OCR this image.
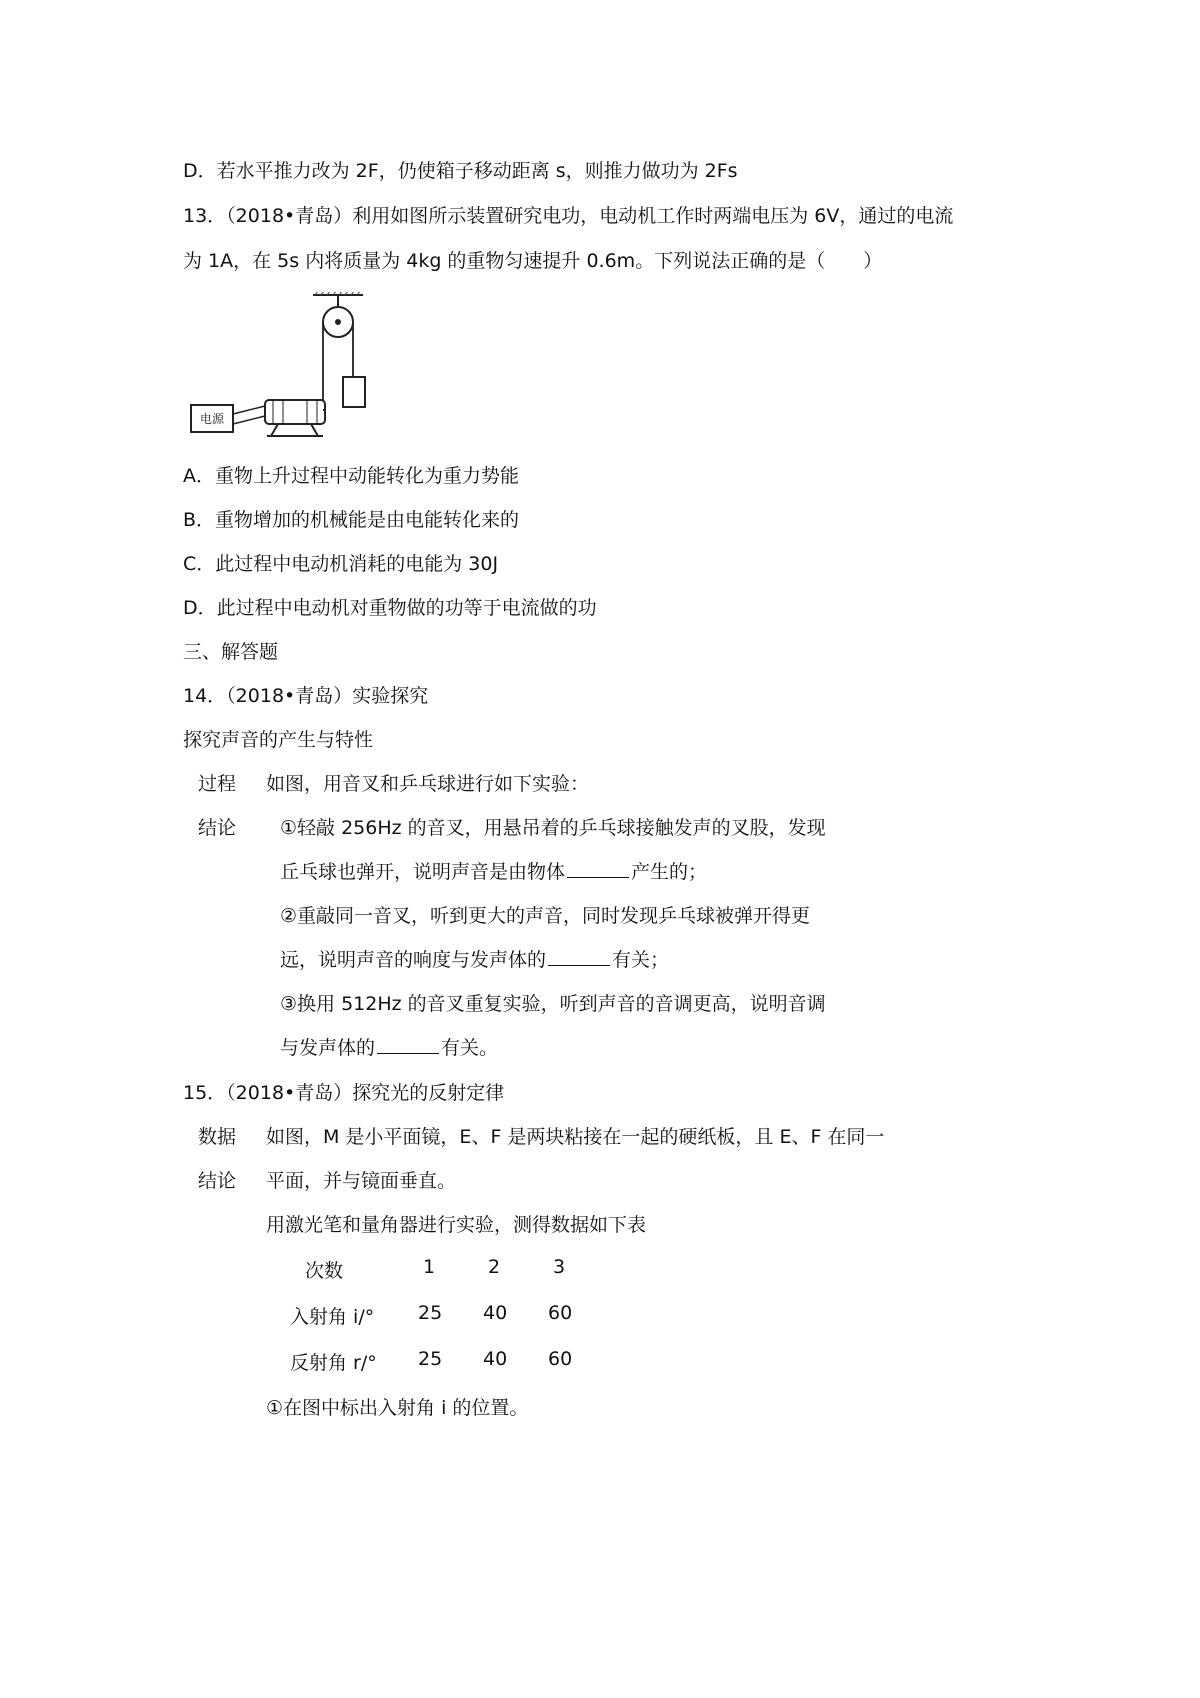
D．若水平推力改为 2F，仍使箱子移动距离 s，则推力做功为 2Fs
13．（2018•青岛）利用如图所示装置研究电功，电动机工作时两端电压为 6V，通过的电流
为 1A，在 5s 内将质量为 4kg 的重物匀速提升 0.6m。下列说法正确的是（　　）
电源
A．重物上升过程中动能转化为重力势能
B．重物增加的机械能是由电能转化来的
C．此过程中电动机消耗的电能为 30J
D．此过程中电动机对重物做的功等于电流做的功
三、解答题
14．（2018•青岛）实验探究
探究声音的产生与特性
过程 如图，用音叉和乒乓球进行如下实验：
结论 ①轻敲 256Hz 的音叉，用悬吊着的乒乓球接触发声的叉股，发现
丘乓球也弹开，说明声音是由物体	产生的；
②重敲同一音叉，听到更大的声音，同时发现乒乓球被弹开得更
远，说明声音的响度与发声体的	有关；
③换用 512Hz 的音叉重复实验，听到声音的音调更高，说明音调
与发声体的	有关。
15．（2018•青岛）探究光的反射定律
数据 如图，M 是小平面镜，E、F 是两块粘接在一起的硬纸板，且 E、F 在同一
结论 平面，并与镜面垂直。
用激光笔和量角器进行实验，测得数据如下表
次数	1	2	3
入射角 i/° 25 40 60
反射角 r/° 25 40 60
①在图中标出入射角 i 的位置。
